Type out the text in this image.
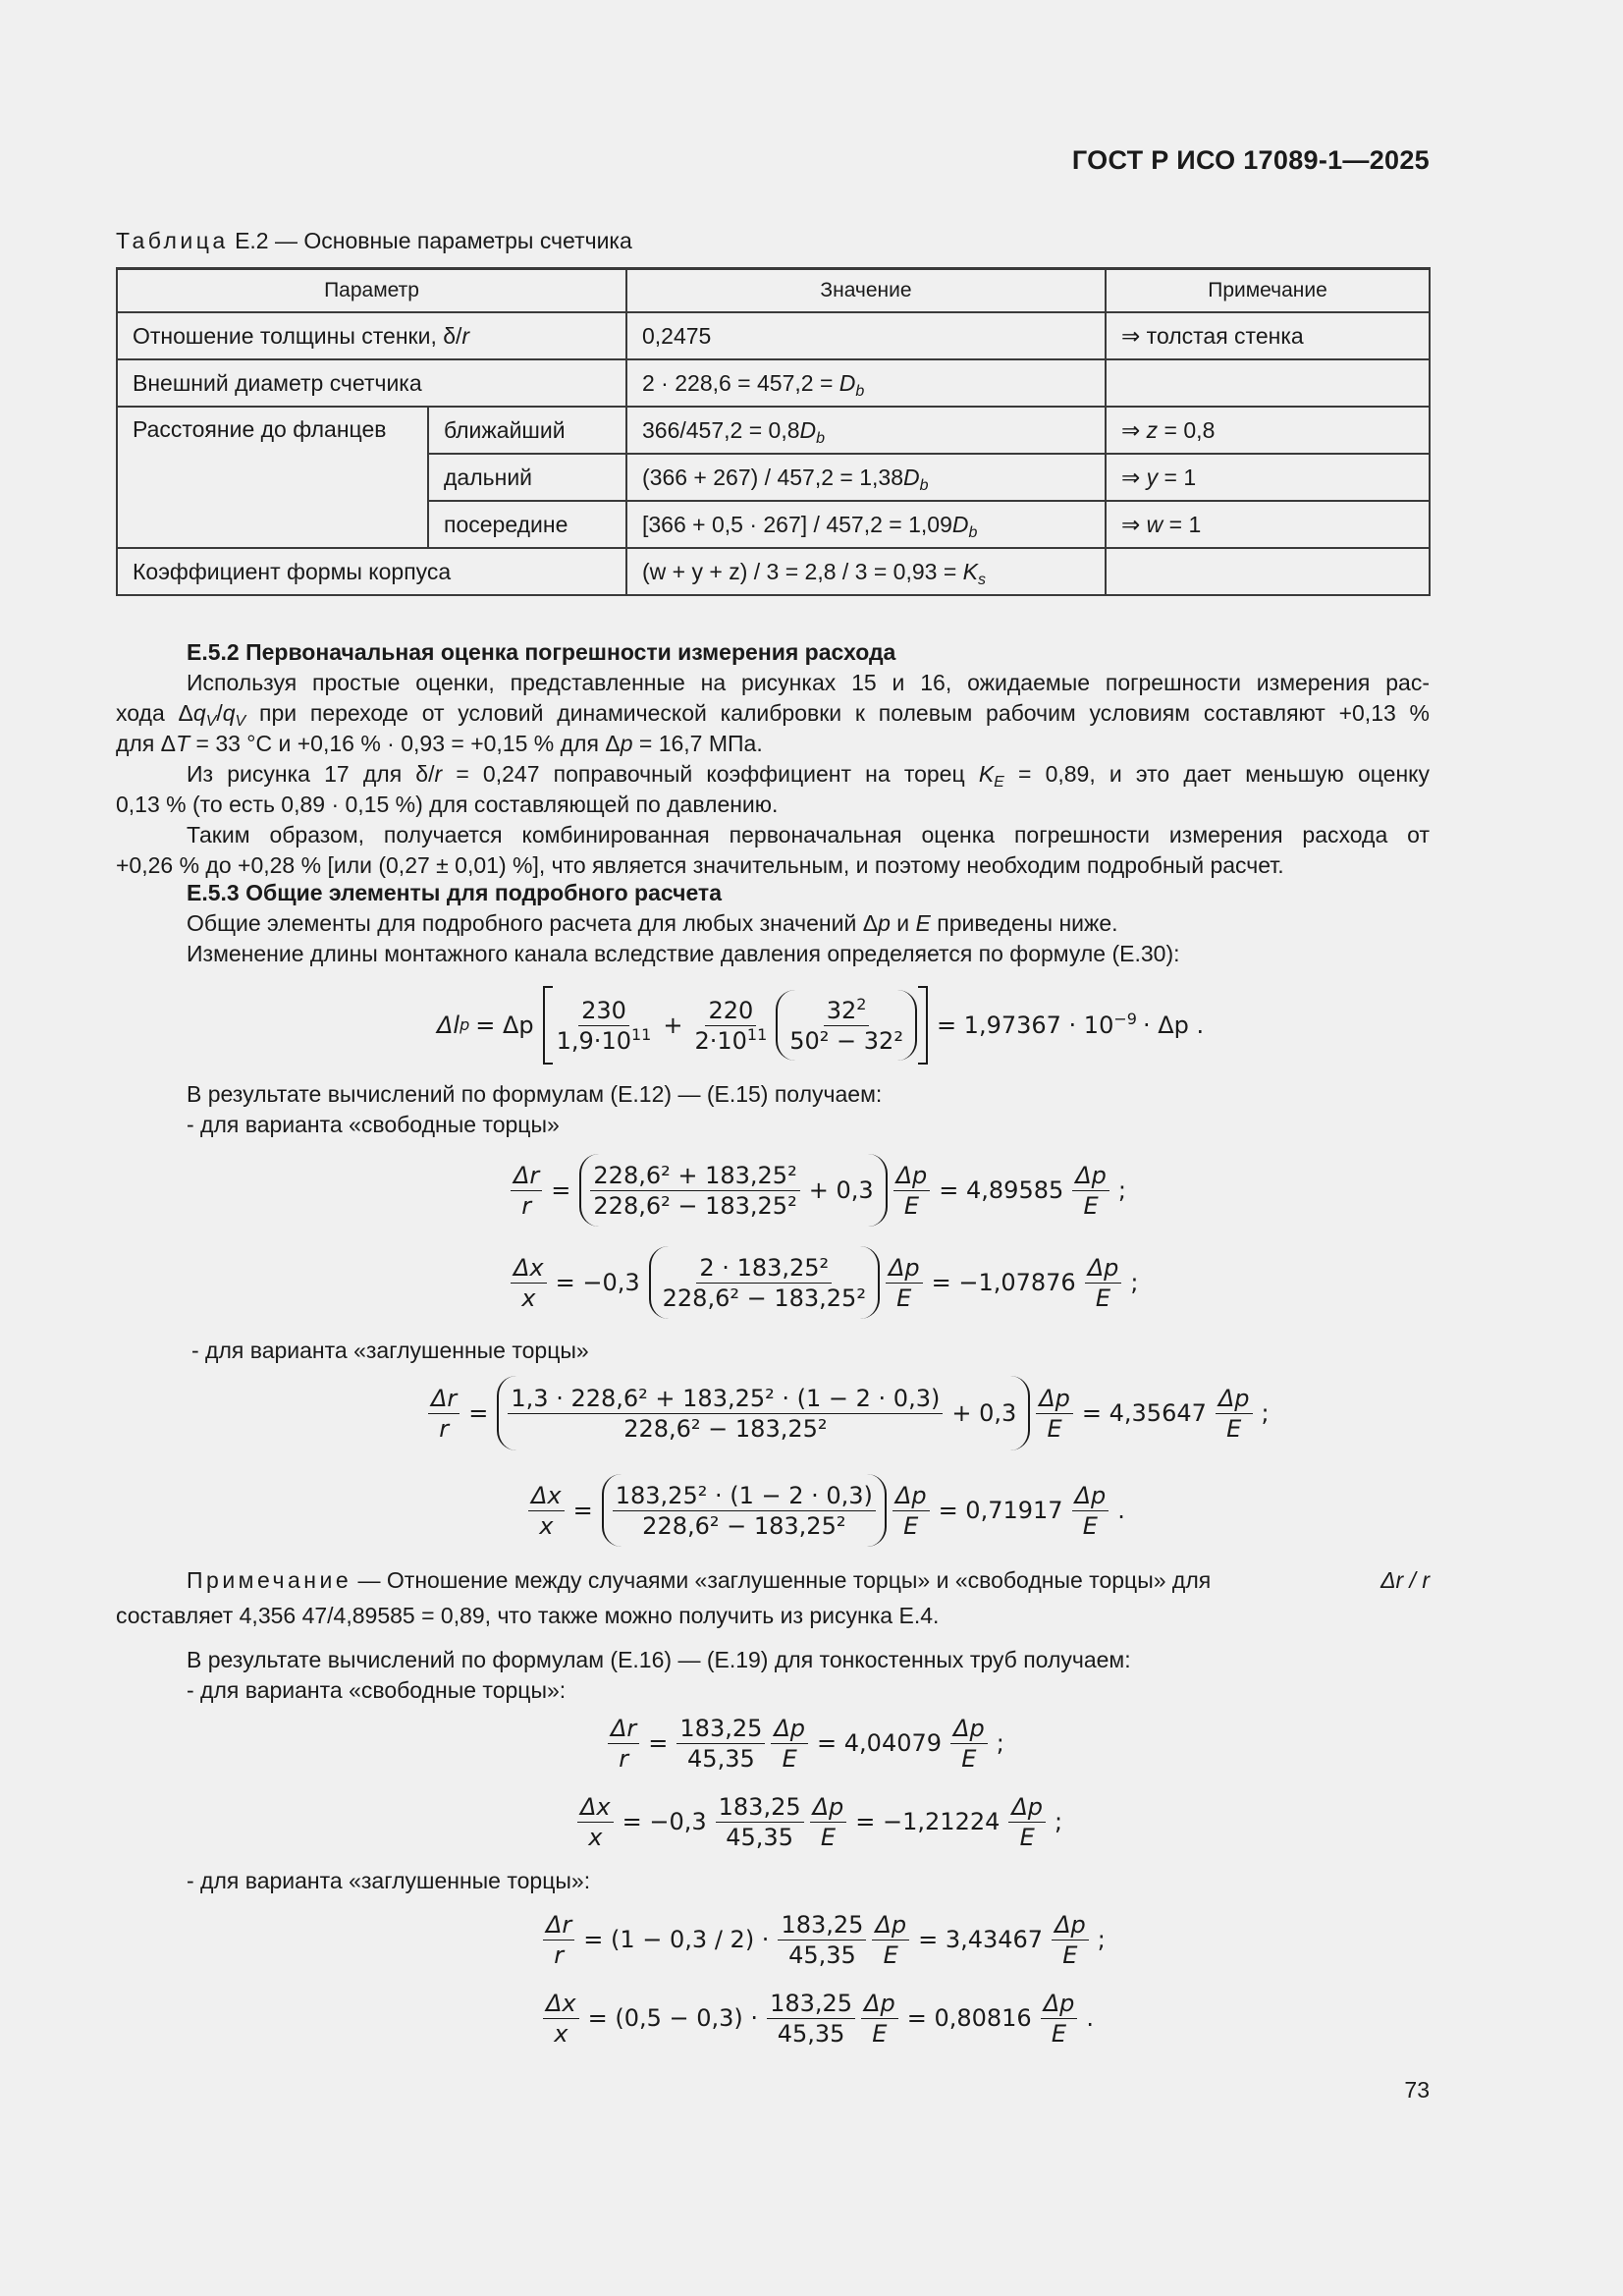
ГОСТ Р ИСО 17089-1—2025
Таблица Е.2 — Основные параметры счетчика
Параметр		Значение	Примечание
Отношение толщины стенки, δ/r		0,2475	⇒ толстая стенка
Внешний диаметр счетчика		$2 \cdot 228,6 = 457,2 = D_b$	
Расстояние до фланцев	ближайший	$366/457,2 = 0,8D_b$	⇒ z = 0,8
	дальний	$(366 + 267) / 457,2 = 1,38D_b$	⇒ y = 1
	посередине	$[366 + 0,5 \cdot 267] / 457,2 = 1,09D_b$	⇒ w = 1
Коэффициент формы корпуса		$(w + y + z) / 3 = 2,8 / 3 = 0,93 = K_s$	
Е.5.2 Первоначальная оценка погрешности измерения расхода
Используя простые оценки, представленные на рисунках 15 и 16, ожидаемые погрешности измерения рас-
хода $\Delta q_V/q_V$ при переходе от условий динамической калибровки к полевым рабочим условиям составляют +0,13 %
для ΔT = 33 °C и +0,16 % · 0,93 = +0,15 % для Δp = 16,7 МПа.
Из рисунка 17 для δ/r = 0,247 поправочный коэффициент на торец $K_E = 0,89$, и это дает меньшую оценку
0,13 % (то есть 0,89 · 0,15 %) для составляющей по давлению.
Таким образом, получается комбинированная первоначальная оценка погрешности измерения расхода от
+0,26 % до +0,28 % [или (0,27 ± 0,01) %], что является значительным, и поэтому необходим подробный расчет.
Е.5.3 Общие элементы для подробного расчета
Общие элементы для подробного расчета для любых значений Δp и E приведены ниже.
Изменение длины монтажного канала вследствие давления определяется по формуле (Е.30):
Δl p = Δp $\frac{230}{1,9\cdot 10^{11}} + \frac{220}{2\cdot 10^{11}} \frac{32^2}{\text{50² − 32²}} = 1,97367 \cdot 10^{-9} \cdot \Delta p$ .
В результате вычислений по формулам (Е.12) — (Е.15) получаем:
- для варианта «свободные торцы»
$\frac{\Delta r}{r} = \frac{\text{228,6² + 183,25²}}{\text{228,6² − 183,25²}} + 0,3 \frac{\Delta p}{E} = 4,89585 \frac{\Delta p}{E}$ ;
$\frac{\Delta x}{x} = -0,3 \frac{\text{2 · 183,25²}}{\text{228,6² − 183,25²}} \frac{\Delta p}{E} = -1,07876 \frac{\Delta p}{E}$ ;
- для варианта «заглушенные торцы»
$\frac{\Delta r}{r} = \frac{\text{1,3 · 228,6² + 183,25² · (1 − 2 · 0,3)}}{\text{228,6² − 183,25²}} + 0,3 \frac{\Delta p}{E} = 4,35647 \frac{\Delta p}{E}$ ;
$\frac{\Delta x}{x} = \frac{\text{183,25² · (1 − 2 · 0,3)}}{\text{228,6² − 183,25²}} \frac{\Delta p}{E} = 0,71917 \frac{\Delta p}{E}$ .
Примечание — Отношение между случаями «заглушенные торцы» и «свободные торцы» для	Δr / r
составляет 4,356 47/4,89585 = 0,89, что также можно получить из рисунка Е.4.
В результате вычислений по формулам (Е.16) — (Е.19) для тонкостенных труб получаем:
- для варианта «свободные торцы»:
$\frac{\Delta r}{r} = \frac{183,25}{45,35} \frac{\Delta p}{E} = 4,04079 \frac{\Delta p}{E}$ ;
$\frac{\Delta x}{x} = -0,3 \frac{183,25}{45,35} \frac{\Delta p}{E} = -1,21224 \frac{\Delta p}{E}$ ;
- для варианта «заглушенные торцы»:
$\frac{\Delta r}{r} = (1 - 0,3 / 2) \cdot \frac{183,25}{45,35} \frac{\Delta p}{E} = 3,43467 \frac{\Delta p}{E}$ ;
$\frac{\Delta x}{x} = (0,5 - 0,3) \cdot \frac{183,25}{45,35} \frac{\Delta p}{E} = 0,80816 \frac{\Delta p}{E}$ .
73
